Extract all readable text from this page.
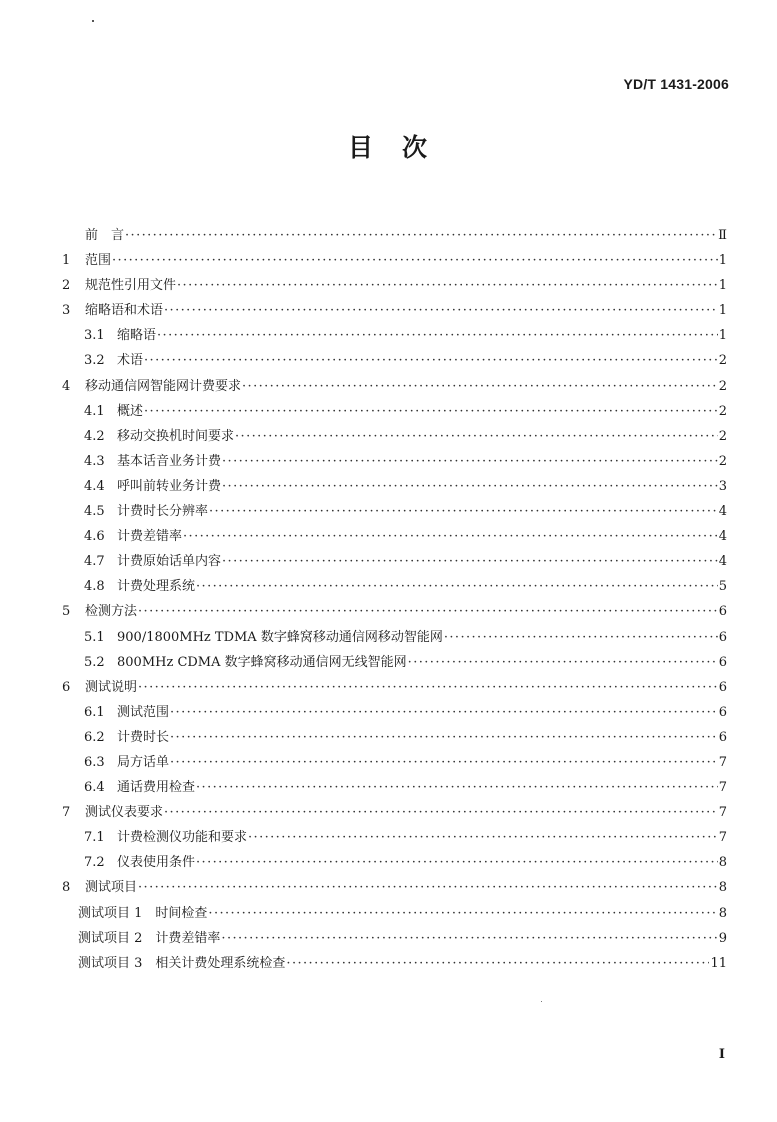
YD/T 1431-2006
目　次
前　言 ·····	Ⅱ
1	范围 ·····	1
2	规范性引用文件 ·····	1
3	缩略语和术语 ·····	1
3.1 缩略语 ·····	1
3.2 术语 ·····	2
4	移动通信网智能网计费要求 ·····	2
4.1 概述 ·····	2
4.2 移动交换机时间要求 ·····	2
4.3 基本话音业务计费 ·····	2
4.4 呼叫前转业务计费 ·····	3
4.5 计费时长分辨率 ·····	4
4.6 计费差错率 ·····	4
4.7 计费原始话单内容 ·····	4
4.8 计费处理系统 ·····	5
5	检测方法 ·····	6
5.1 900/1800MHz TDMA 数字蜂窝移动通信网移动智能网 ·····	6
5.2 800MHz CDMA 数字蜂窝移动通信网无线智能网 ·····	6
6	测试说明 ·····	6
6.1 测试范围 ·····	6
6.2 计费时长 ·····	6
6.3 局方话单 ·····	7
6.4 通话费用检查 ·····	7
7	测试仪表要求 ·····	7
7.1 计费检测仪功能和要求 ·····	7
7.2 仪表使用条件 ·····	8
8	测试项目 ·····	8
测试项目 1　时间检查 ·····	8
测试项目 2　计费差错率 ·····	9
测试项目 3　相关计费处理系统检查 ·····	11
I
